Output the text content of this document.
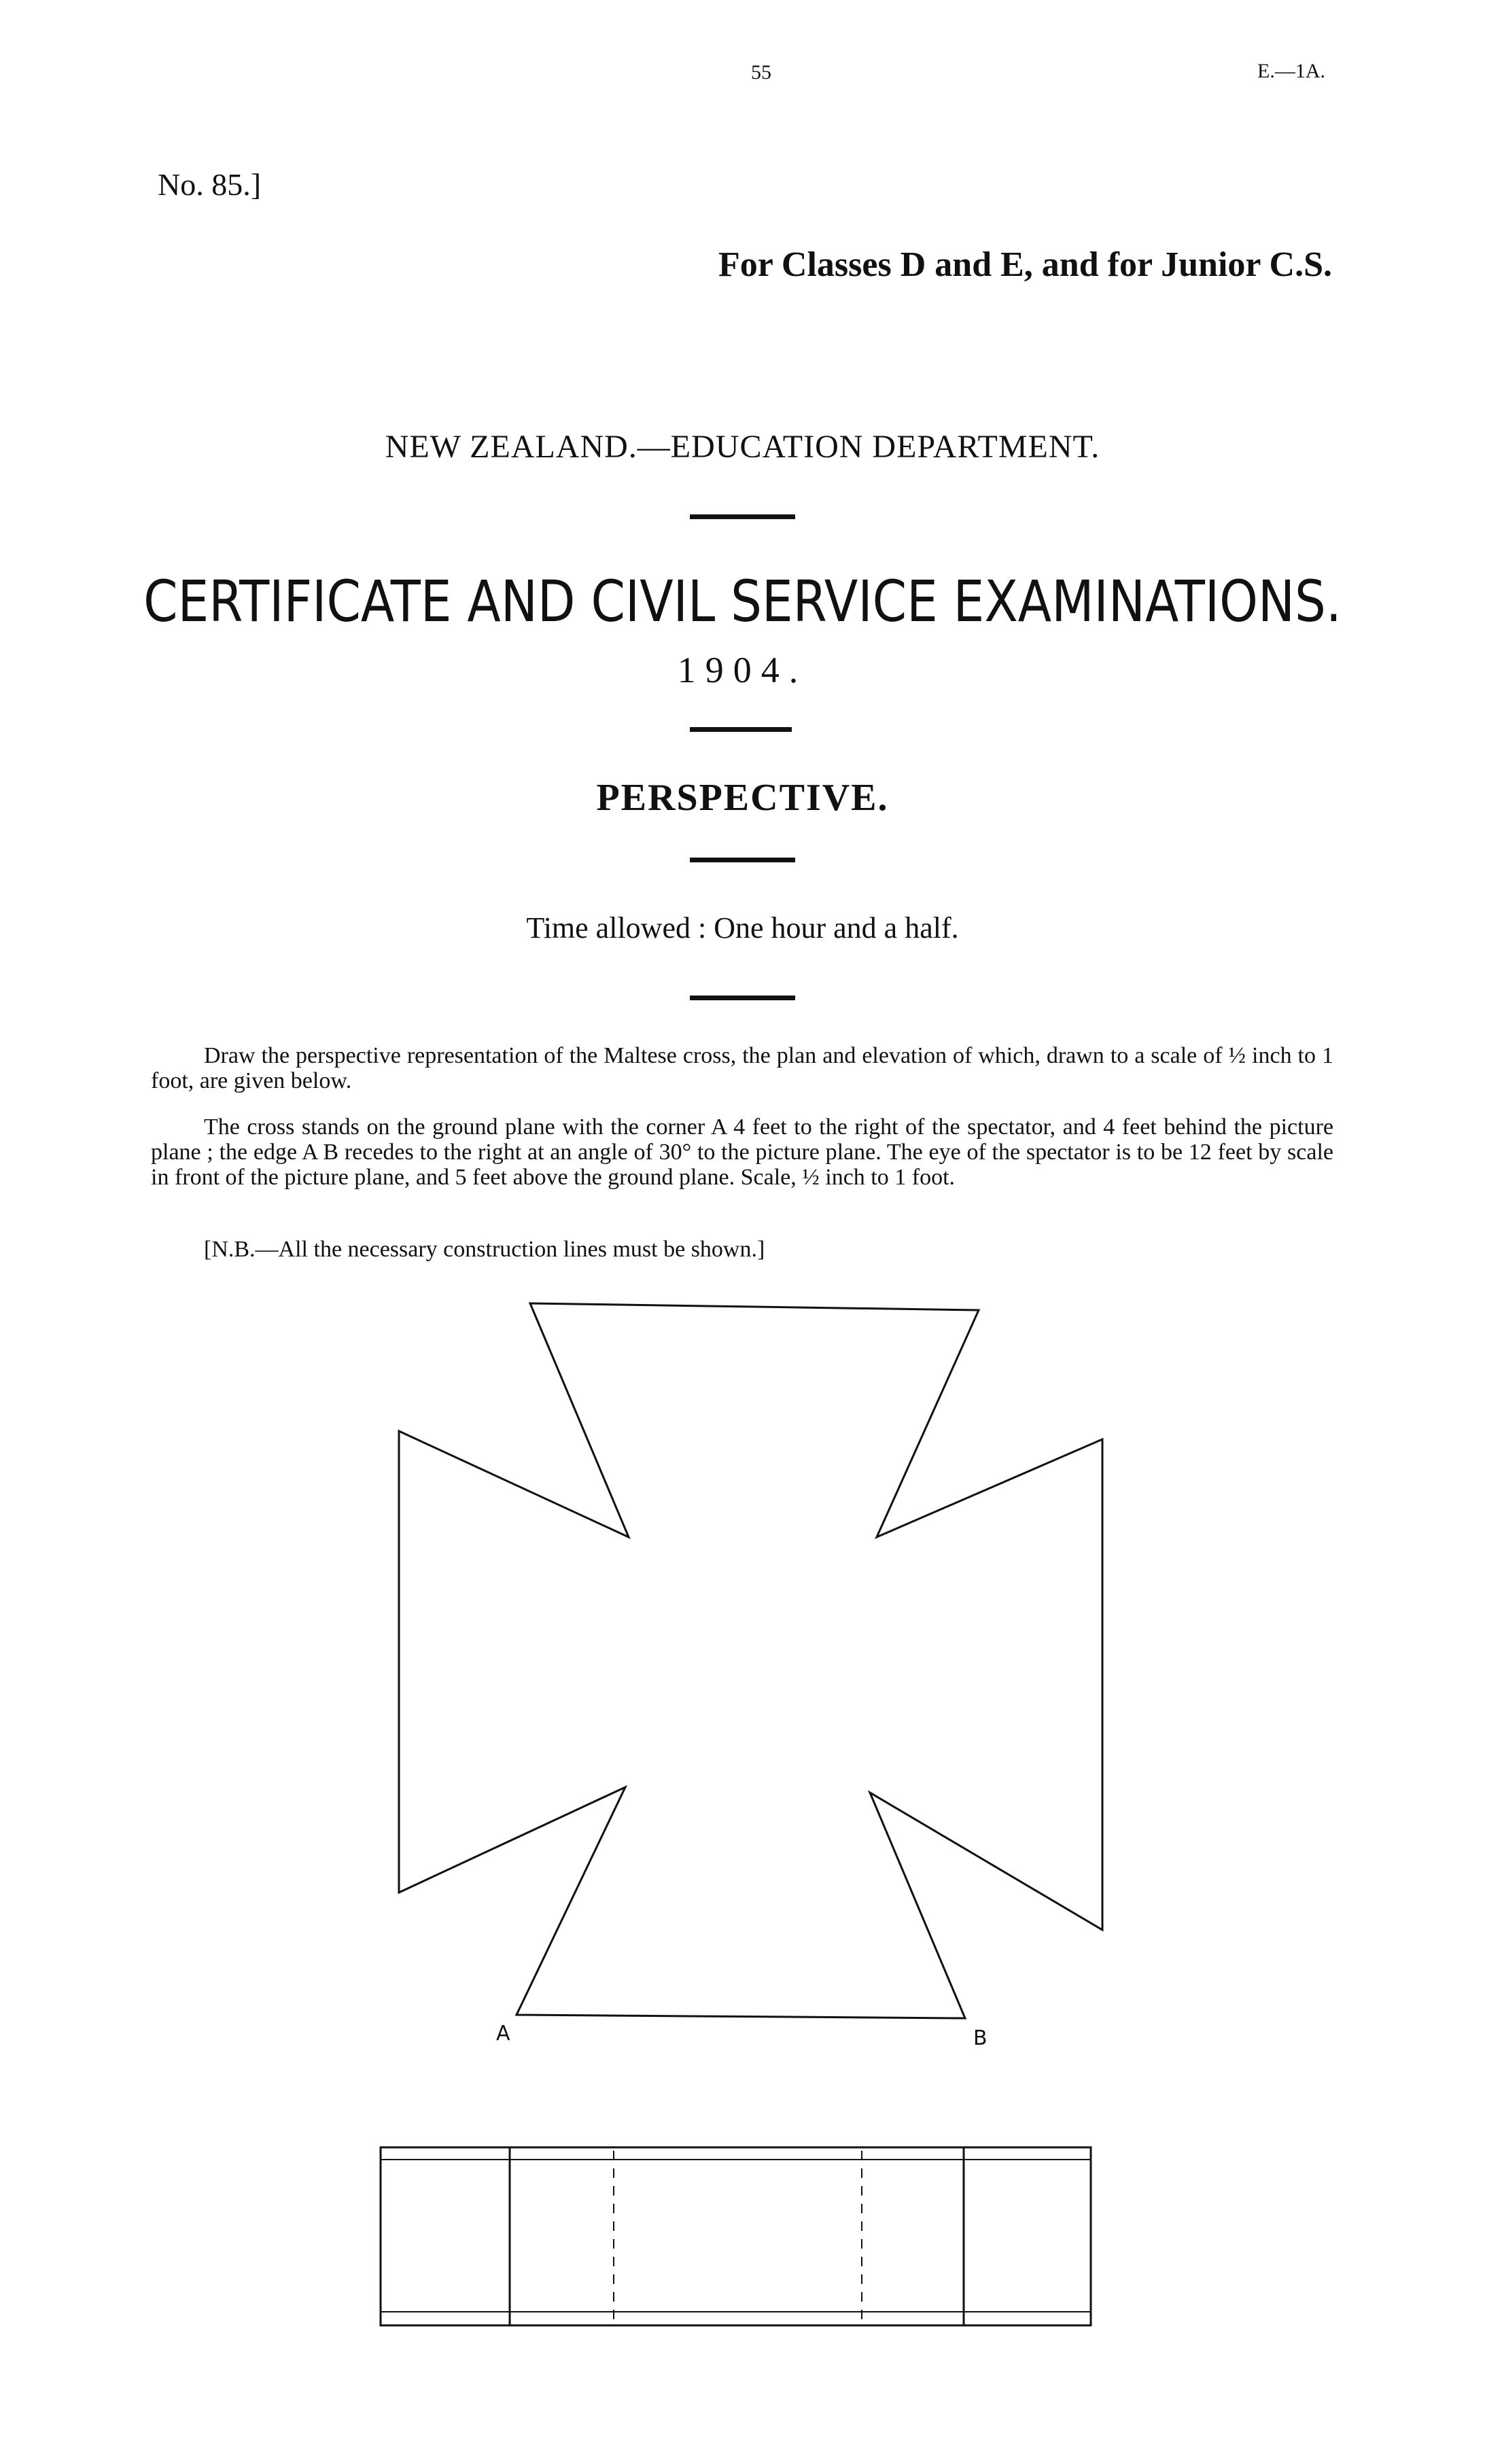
55	E.—1A.
No. 85.]
For Classes D and E, and for Junior C.S.
NEW ZEALAND.—EDUCATION DEPARTMENT.
CERTIFICATE AND CIVIL SERVICE EXAMINATIONS.
1904.
PERSPECTIVE.
Time allowed : One hour and a half.
Draw the perspective representation of the Maltese cross, the plan and elevation of which, drawn to a scale of ½ inch to 1 foot, are given below.
The cross stands on the ground plane with the corner A 4 feet to the right of the spectator, and 4 feet behind the picture plane ; the edge A B recedes to the right at an angle of 30° to the picture plane. The eye of the spectator is to be 12 feet by scale in front of the picture plane, and 5 feet above the ground plane. Scale, ½ inch to 1 foot.
[N.B.—All the necessary construction lines must be shown.]
A	B
